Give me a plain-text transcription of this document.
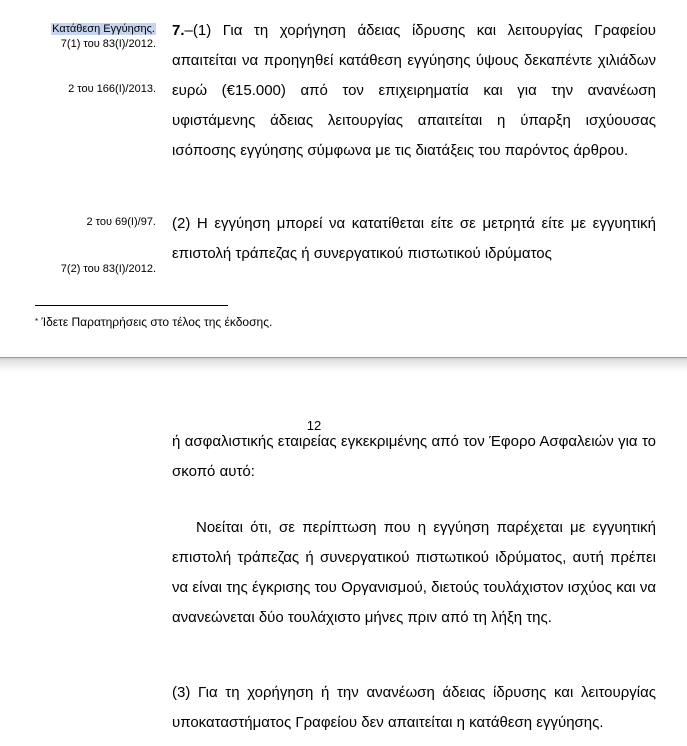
Κατάθεση Εγγύησης.
7(1) του 83(Ι)/2012.
2 του 166(Ι)/2013.
2 του 69(Ι)/97.
7(2) του 83(Ι)/2012.
7.–(1) Για τη χορήγηση άδειας ίδρυσης και λειτουργίας Γραφείου απαιτείται να προηγηθεί κατάθεση εγγύησης ύψους δεκαπέντε χιλιάδων ευρώ (€15.000) από τον επιχειρηματία και για την ανανέωση υφιστάμενης άδειας λειτουργίας απαιτείται η ύπαρξη ισχύουσας ισόποσης εγγύησης σύμφωνα με τις διατάξεις του παρόντος άρθρου.
(2) Η εγγύηση μπορεί να κατατίθεται είτε σε μετρητά είτε με εγγυητική επιστολή τράπεζας ή συνεργατικού πιστωτικού ιδρύματος
* Ίδετε Παρατηρήσεις στο τέλος της έκδοσης.
12
ή ασφαλιστικής εταιρείας εγκεκριμένης από τον Έφορο Ασφαλειών για το σκοπό αυτό:
Νοείται ότι, σε περίπτωση που η εγγύηση παρέχεται με εγγυητική επιστολή τράπεζας ή συνεργατικού πιστωτικού ιδρύματος, αυτή πρέπει να είναι της έγκρισης του Οργανισμού, διετούς τουλάχιστον ισχύος και να ανανεώνεται δύο τουλάχιστο μήνες πριν από τη λήξη της.
(3) Για τη χορήγηση ή την ανανέωση άδειας ίδρυσης και λειτουργίας υποκαταστήματος Γραφείου δεν απαιτείται η κατάθεση εγγύησης.
